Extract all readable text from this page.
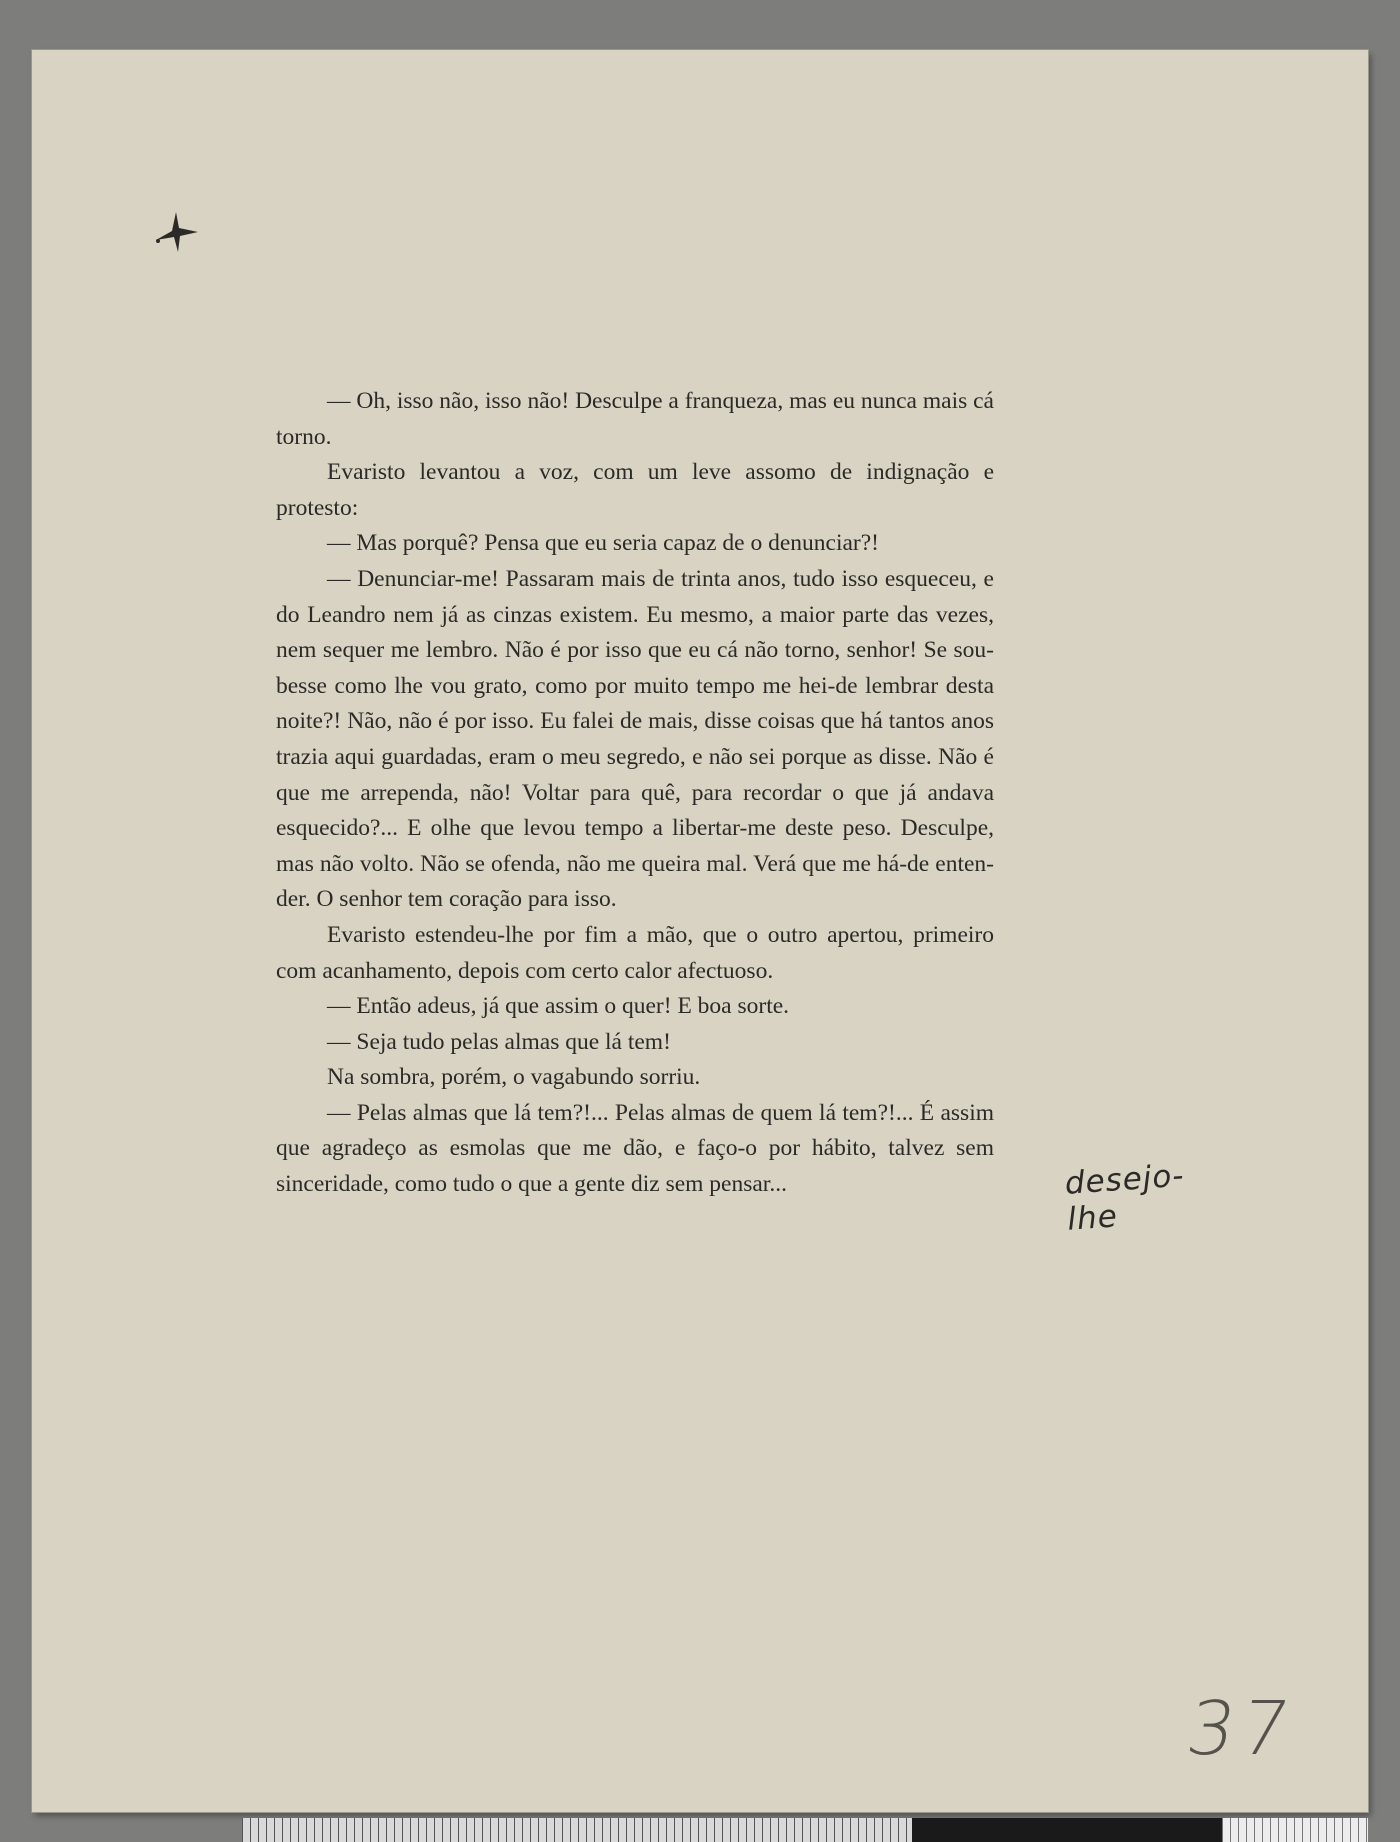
— Oh, isso não, isso não! Desculpe a franqueza, mas eu nunca mais cá torno.

Evaristo levantou a voz, com um leve assomo de indignação e protesto:

— Mas porquê? Pensa que eu seria capaz de o denunciar?!

— Denunciar-me! Passaram mais de trinta anos, tudo isso esqueceu, e do Leandro nem já as cinzas existem. Eu mesmo, a maior parte das vezes, nem sequer me lembro. Não é por isso que eu cá não torno, senhor! Se soubesse como lhe vou grato, como por muito tempo me hei-de lembrar desta noite?! Não, não é por isso. Eu falei de mais, disse coisas que há tantos anos trazia aqui guardadas, eram o meu segredo, e não sei porque as disse. Não é que me arrependa, não! Voltar para quê, para recordar o que já andava esquecido?... E olhe que levou tempo a libertar-me deste peso. Desculpe, mas não volto. Não se ofenda, não me queira mal. Verá que me há-de entender. O senhor tem coração para isso.

Evaristo estendeu-lhe por fim a mão, que o outro apertou, primeiro com acanhamento, depois com certo calor afectuoso.

— Então adeus, já que assim o quer! E boa sorte.

— Seja tudo pelas almas que lá tem!

Na sombra, porém, o vagabundo sorriu.

— Pelas almas que lá tem?!... Pelas almas de quem lá tem?!... É assim que agradeço as esmolas que me dão, e faço-o por hábito, talvez sem sinceridade, como tudo o que a gente diz sem pensar...	desejo-lhe
37
